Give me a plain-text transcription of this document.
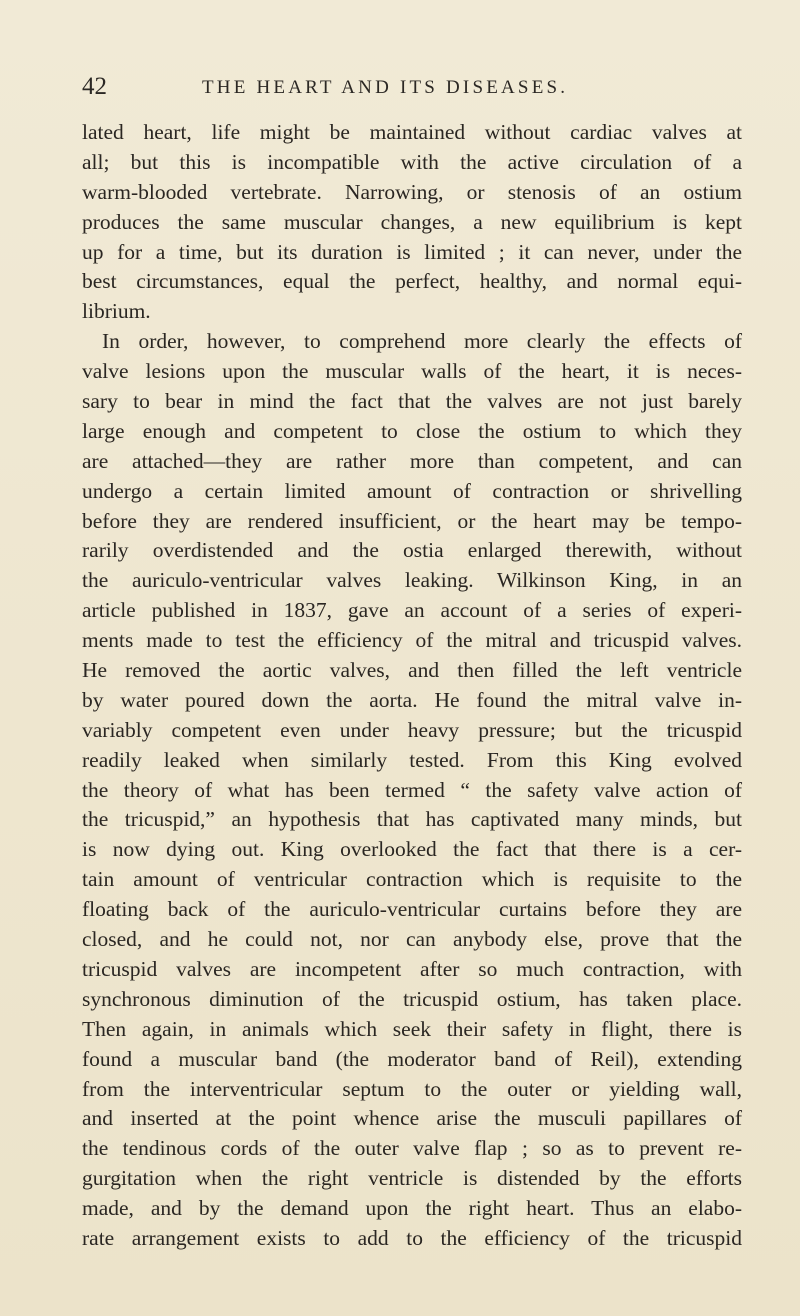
42	THE HEART AND ITS DISEASES.
lated heart, life might be maintained without cardiac valves at
all; but this is incompatible with the active circulation of a
warm-blooded vertebrate. Narrowing, or stenosis of an ostium
produces the same muscular changes, a new equilibrium is kept
up for a time, but its duration is limited ; it can never, under the
best circumstances, equal the perfect, healthy, and normal equi-
librium.
In order, however, to comprehend more clearly the effects of
valve lesions upon the muscular walls of the heart, it is neces-
sary to bear in mind the fact that the valves are not just barely
large enough and competent to close the ostium to which they
are attached—they are rather more than competent, and can
undergo a certain limited amount of contraction or shrivelling
before they are rendered insufficient, or the heart may be tempo-
rarily overdistended and the ostia enlarged therewith, without
the auriculo-ventricular valves leaking. Wilkinson King, in an
article published in 1837, gave an account of a series of experi-
ments made to test the efficiency of the mitral and tricuspid valves.
He removed the aortic valves, and then filled the left ventricle
by water poured down the aorta. He found the mitral valve in-
variably competent even under heavy pressure; but the tricuspid
readily leaked when similarly tested. From this King evolved
the theory of what has been termed “ the safety valve action of
the tricuspid,” an hypothesis that has captivated many minds, but
is now dying out. King overlooked the fact that there is a cer-
tain amount of ventricular contraction which is requisite to the
floating back of the auriculo-ventricular curtains before they are
closed, and he could not, nor can anybody else, prove that the
tricuspid valves are incompetent after so much contraction, with
synchronous diminution of the tricuspid ostium, has taken place.
Then again, in animals which seek their safety in flight, there is
found a muscular band (the moderator band of Reil), extending
from the interventricular septum to the outer or yielding wall,
and inserted at the point whence arise the musculi papillares of
the tendinous cords of the outer valve flap ; so as to prevent re-
gurgitation when the right ventricle is distended by the efforts
made, and by the demand upon the right heart. Thus an elabo-
rate arrangement exists to add to the efficiency of the tricuspid
